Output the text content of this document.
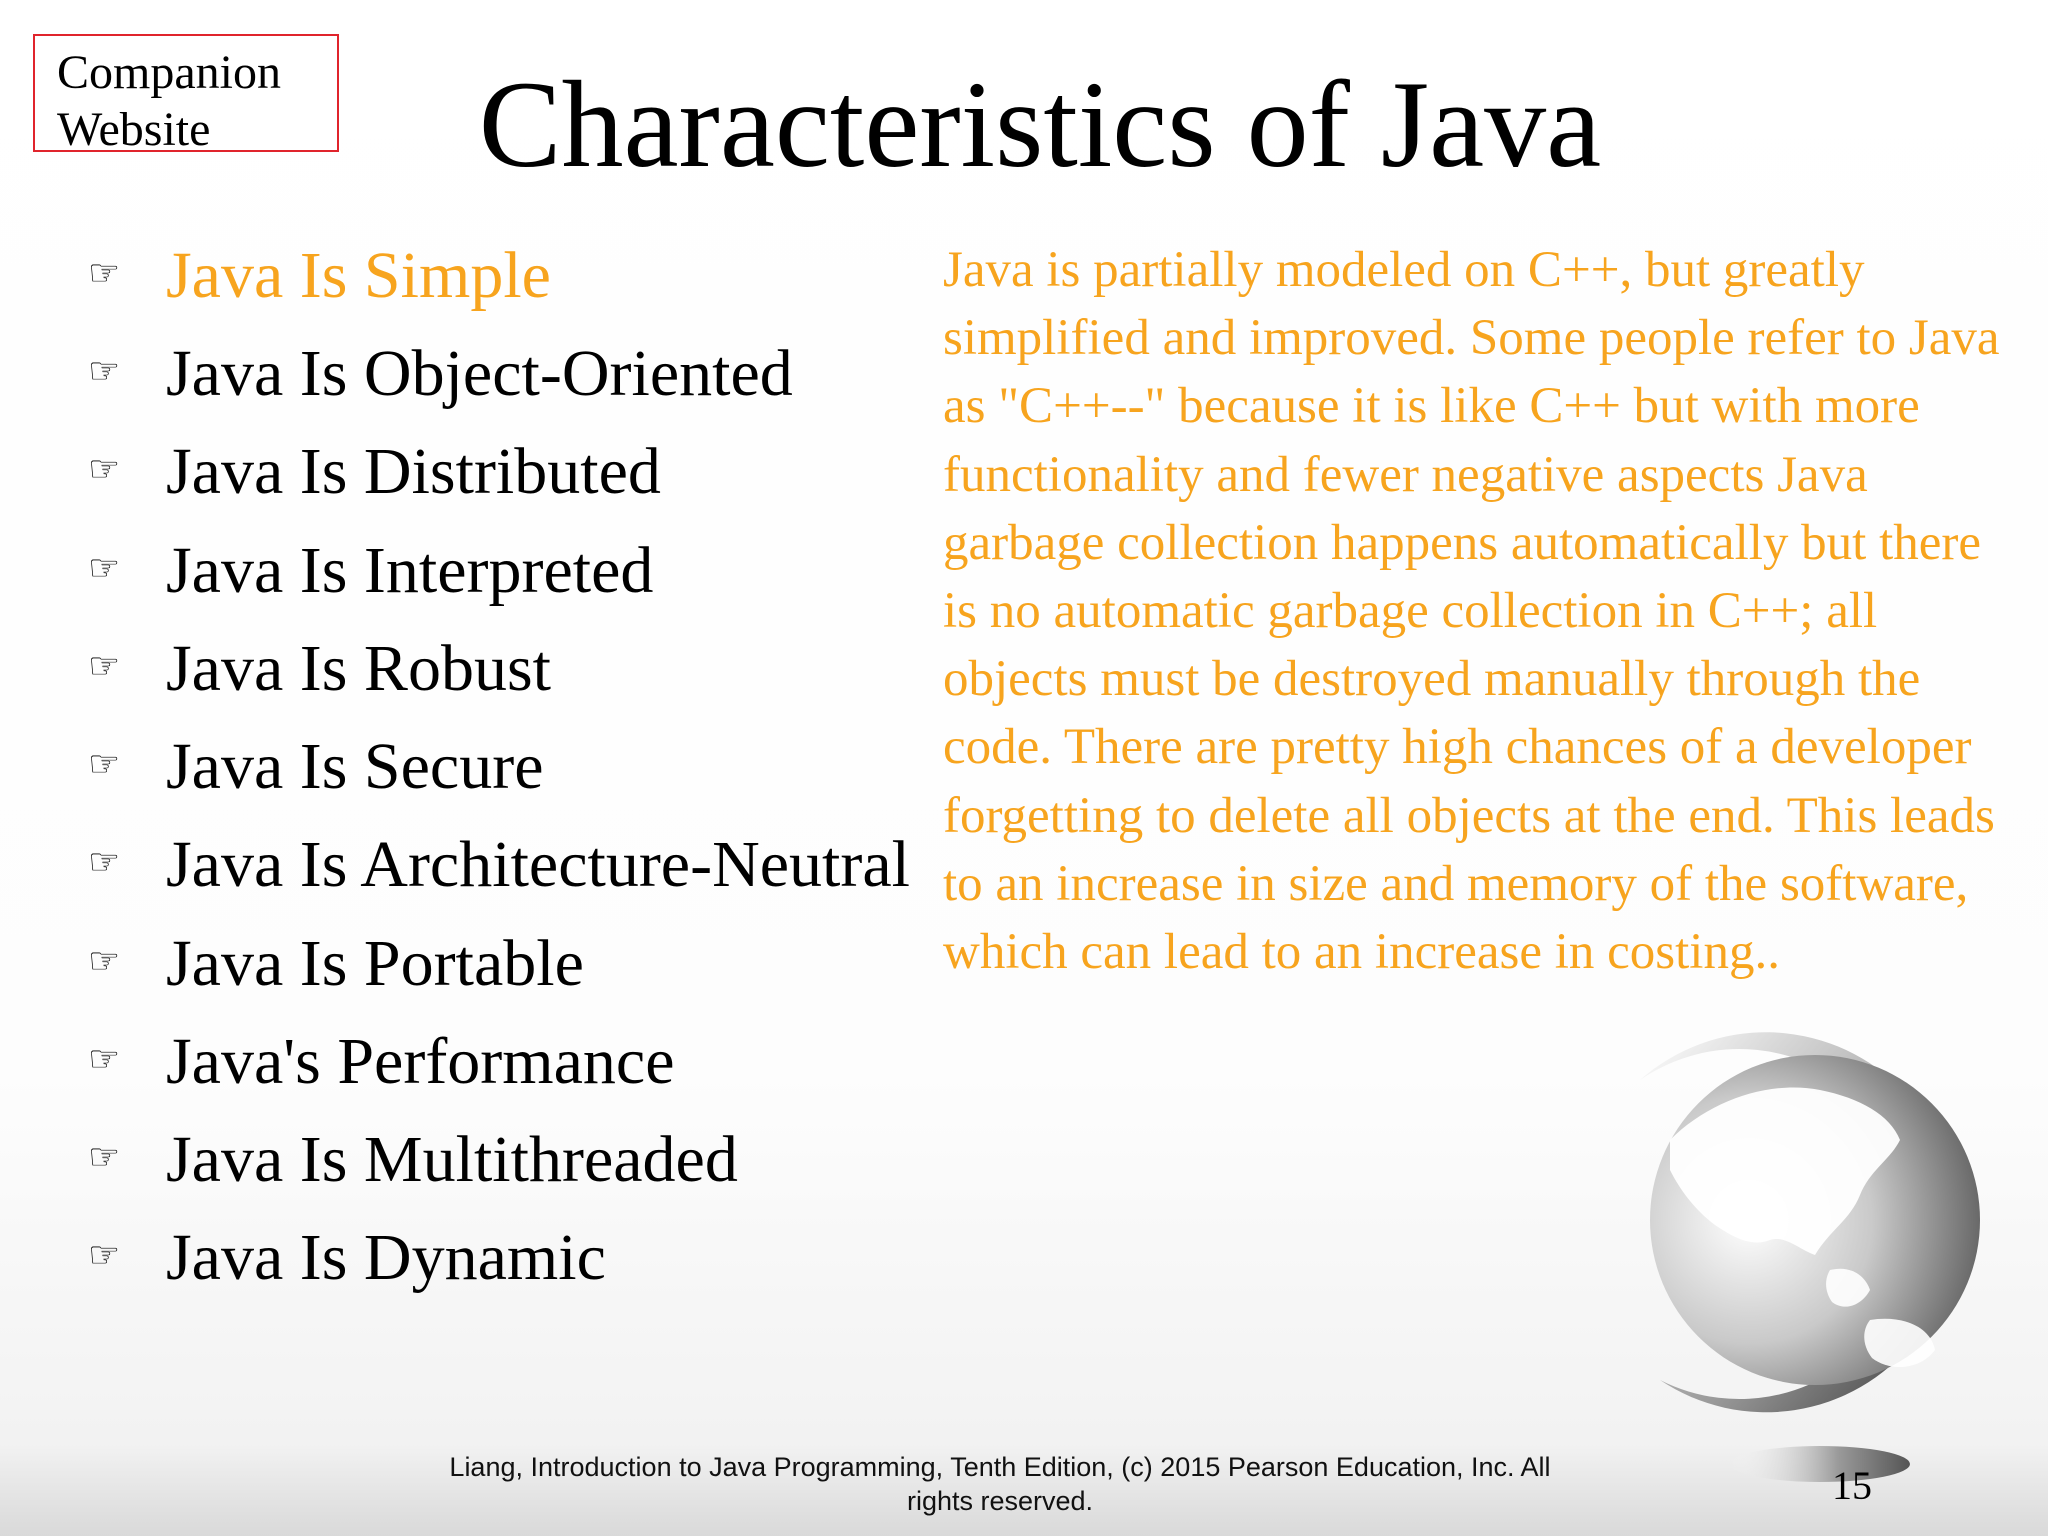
Companion
Website	Characteristics of Java
☞ Java Is Simple
☞ Java Is Object-Oriented
☞ Java Is Distributed
☞ Java Is Interpreted
☞ Java Is Robust
☞ Java Is Secure
☞ Java Is Architecture-Neutral
☞ Java Is Portable
☞ Java's Performance
☞ Java Is Multithreaded
☞ Java Is Dynamic

Java is partially modeled on C++, but greatly simplified and improved. Some people refer to Java as "C++--" because it is like C++ but with more functionality and fewer negative aspects Java garbage collection happens automatically but there is no automatic garbage collection in C++; all objects must be destroyed manually through the code. There are pretty high chances of a developer forgetting to delete all objects at the end. This leads to an increase in size and memory of the software, which can lead to an increase in costing..

Liang, Introduction to Java Programming, Tenth Edition, (c) 2015 Pearson Education, Inc. All
rights reserved.	15
